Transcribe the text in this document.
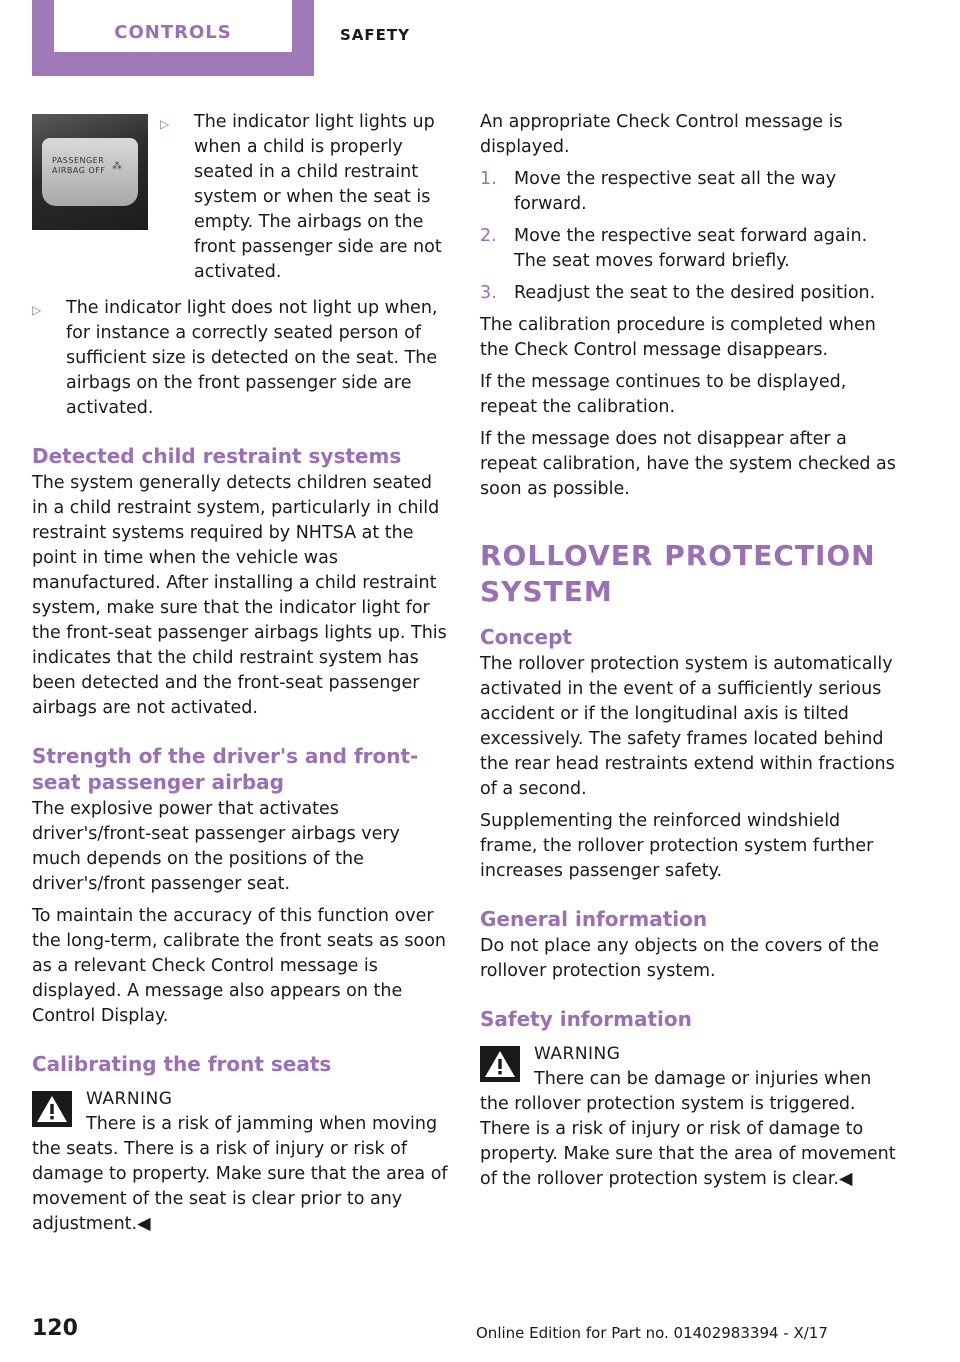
CONTROLS	SAFETY
PASSENGER
AIRBAG OFF ⁂
▷	The indicator light lights up when a child is properly seated in a child restraint system or when the seat is empty. The airbags on the front passenger side are not activated.
▷	The indicator light does not light up when, for instance a correctly seated person of sufficient size is detected on the seat. The airbags on the front passenger side are activated.
Detected child restraint systems

The system generally detects children seated in a child restraint system, particularly in child restraint systems required by NHTSA at the point in time when the vehicle was manufactured. After installing a child restraint system, make sure that the indicator light for the front-seat passenger airbags lights up. This indicates that the child restraint system has been detected and the front-seat passenger airbags are not activated.

Strength of the driver's and front-seat passenger airbag

The explosive power that activates driver's/front-seat passenger airbags very much depends on the positions of the driver's/front passenger seat.

To maintain the accuracy of this function over the long-term, calibrate the front seats as soon as a relevant Check Control message is displayed. A message also appears on the Control Display.

Calibrating the front seats
WARNING

There is a risk of jamming when moving the seats. There is a risk of injury or risk of damage to property. Make sure that the area of movement of the seat is clear prior to any adjustment.◀

An appropriate Check Control message is displayed.

1. Move the respective seat all the way forward.
2. Move the respective seat forward again. The seat moves forward briefly.
3. Readjust the seat to the desired position.

The calibration procedure is completed when the Check Control message disappears.

If the message continues to be displayed, repeat the calibration.

If the message does not disappear after a repeat calibration, have the system checked as soon as possible.

ROLLOVER PROTECTION SYSTEM
Concept

The rollover protection system is automatically activated in the event of a sufficiently serious accident or if the longitudinal axis is tilted excessively. The safety frames located behind the rear head restraints extend within fractions of a second.

Supplementing the reinforced windshield frame, the rollover protection system further increases passenger safety.

General information

Do not place any objects on the covers of the rollover protection system.

Safety information
WARNING

There can be damage or injuries when the rollover protection system is triggered. There is a risk of injury or risk of damage to property. Make sure that the area of movement of the rollover protection system is clear.◀

120	Online Edition for Part no. 01402983394 - X/17
